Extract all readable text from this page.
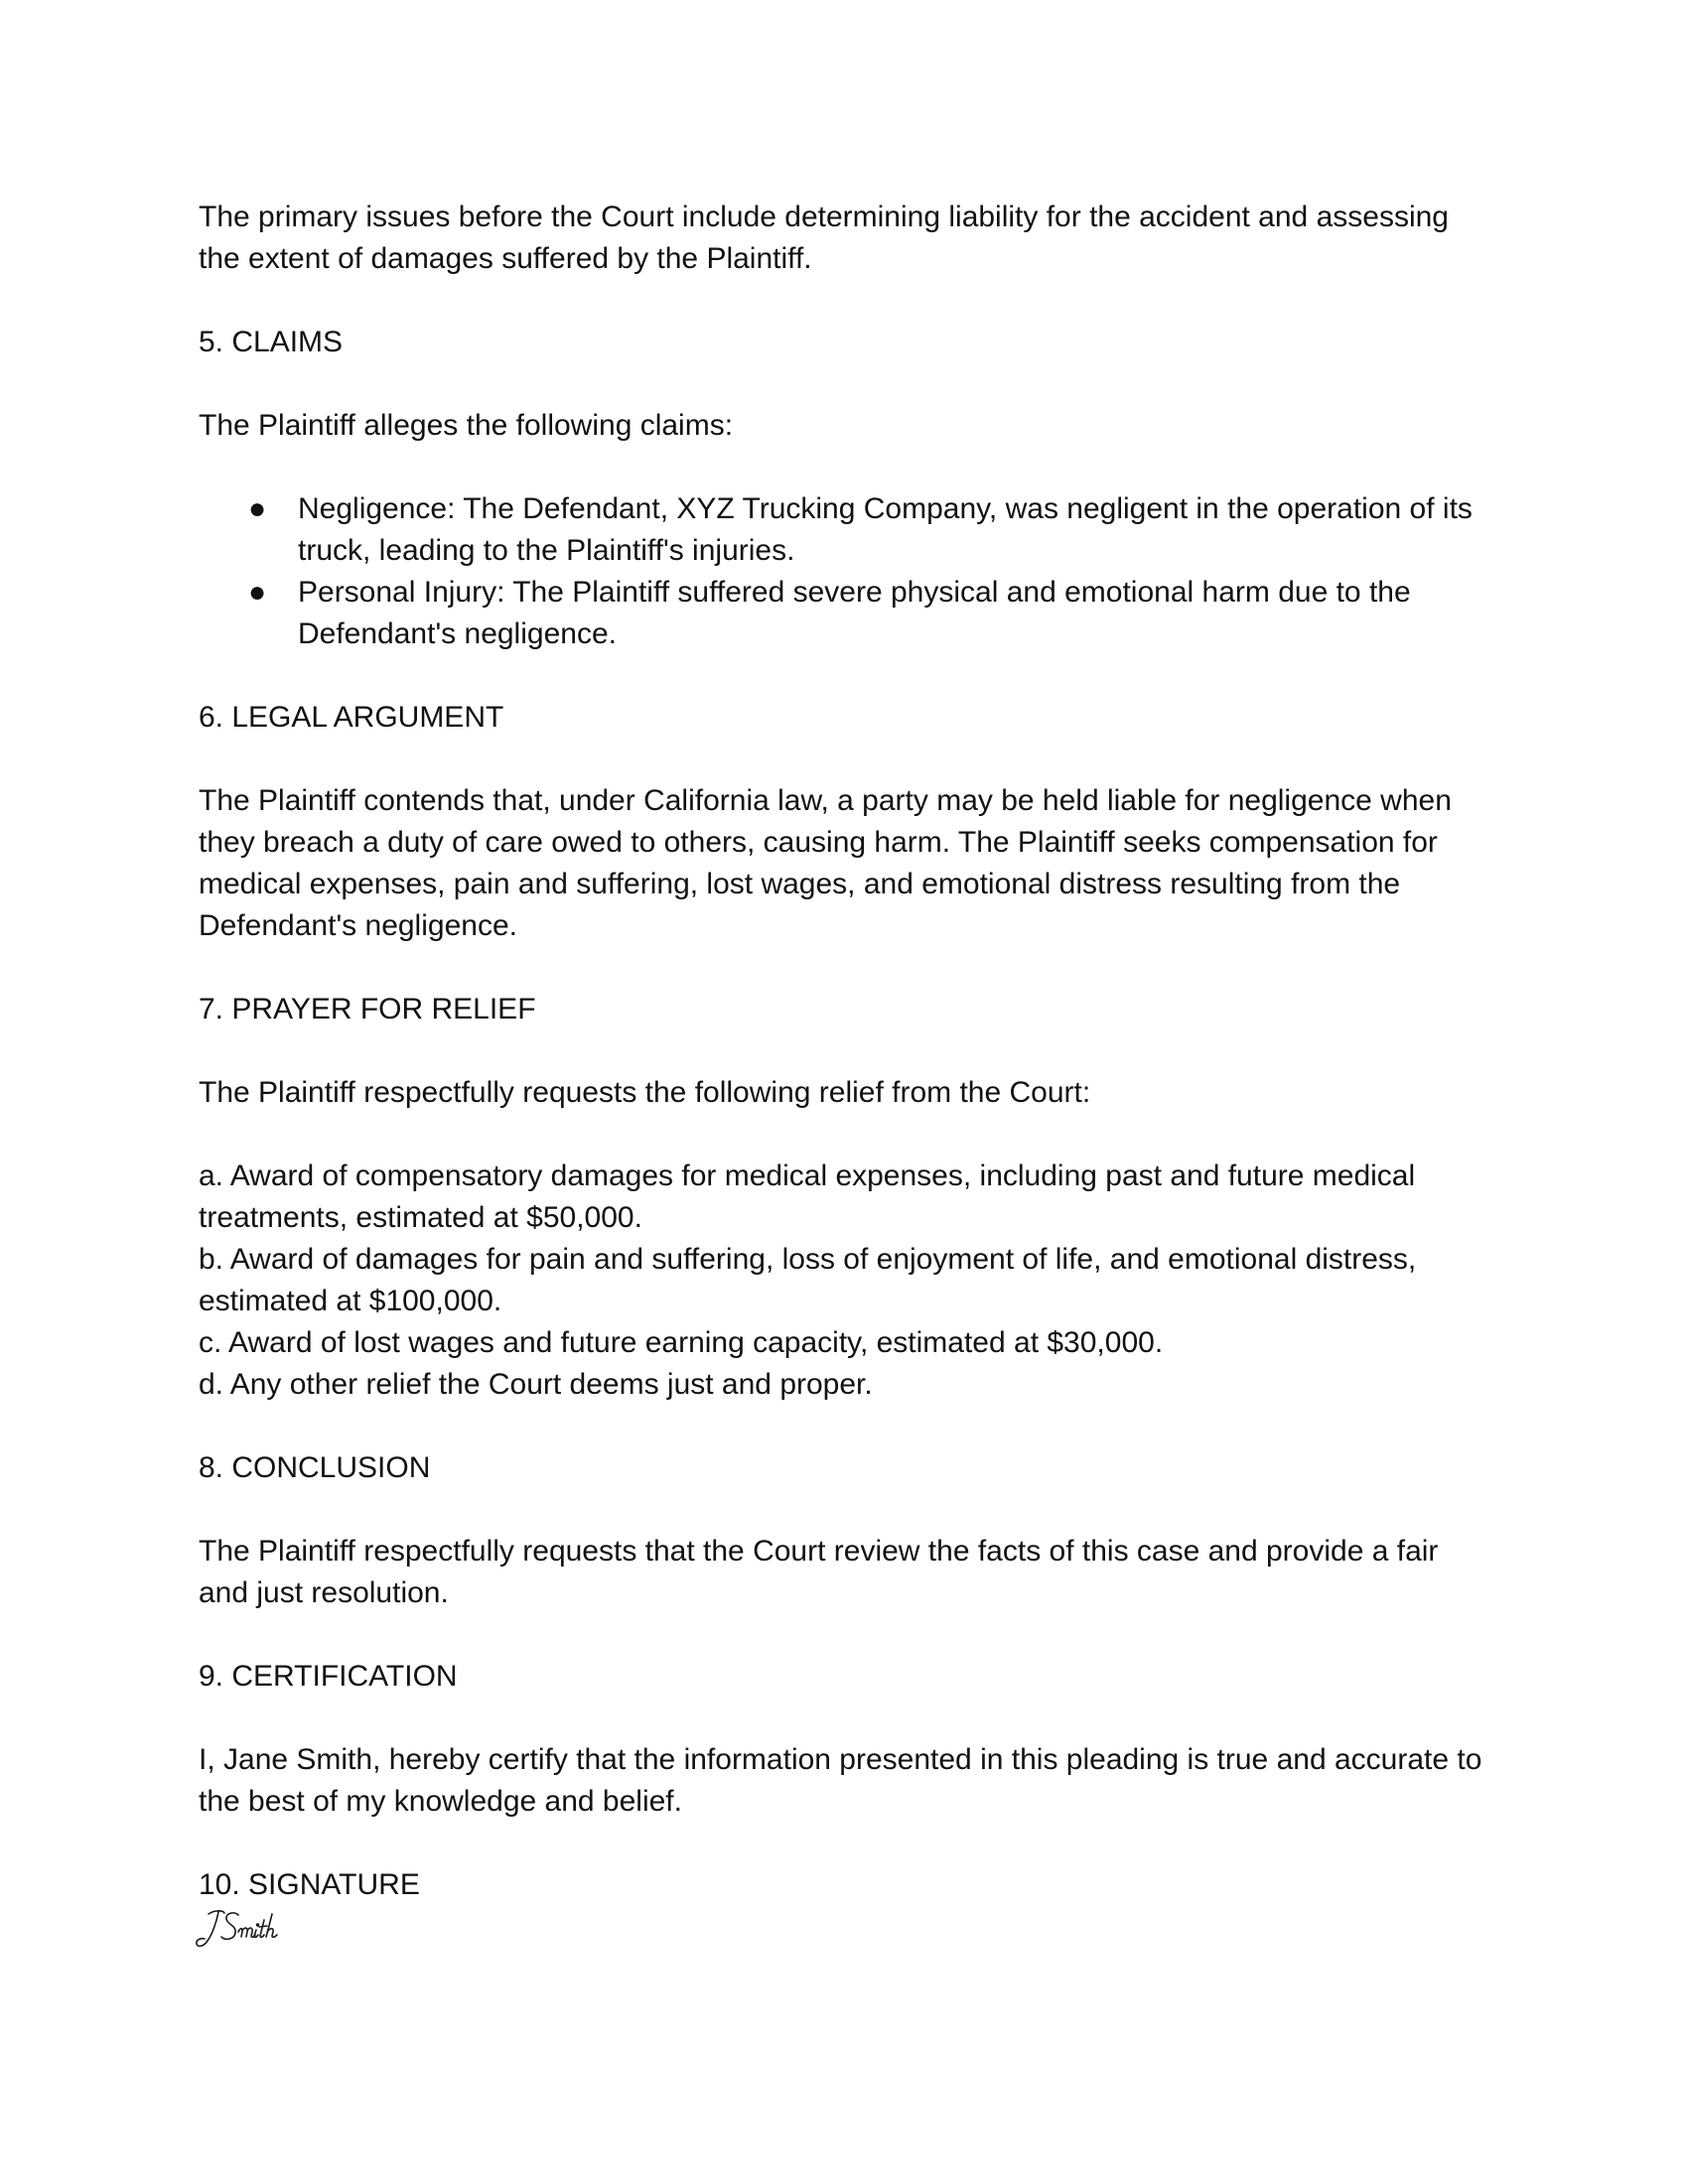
The primary issues before the Court include determining liability for the accident and assessing the extent of damages suffered by the Plaintiff.

5. CLAIMS

The Plaintiff alleges the following claims:

●	Negligence: The Defendant, XYZ Trucking Company, was negligent in the operation of its truck, leading to the Plaintiff's injuries.
●	Personal Injury: The Plaintiff suffered severe physical and emotional harm due to the Defendant's negligence.

6. LEGAL ARGUMENT

The Plaintiff contends that, under California law, a party may be held liable for negligence when they breach a duty of care owed to others, causing harm. The Plaintiff seeks compensation for medical expenses, pain and suffering, lost wages, and emotional distress resulting from the Defendant's negligence.

7. PRAYER FOR RELIEF

The Plaintiff respectfully requests the following relief from the Court:

a. Award of compensatory damages for medical expenses, including past and future medical treatments, estimated at $50,000.

b. Award of damages for pain and suffering, loss of enjoyment of life, and emotional distress, estimated at $100,000.

c. Award of lost wages and future earning capacity, estimated at $30,000.

d. Any other relief the Court deems just and proper.

8. CONCLUSION

The Plaintiff respectfully requests that the Court review the facts of this case and provide a fair and just resolution.

9. CERTIFICATION

I, Jane Smith, hereby certify that the information presented in this pleading is true and accurate to the best of my knowledge and belief.

10. SIGNATURE
